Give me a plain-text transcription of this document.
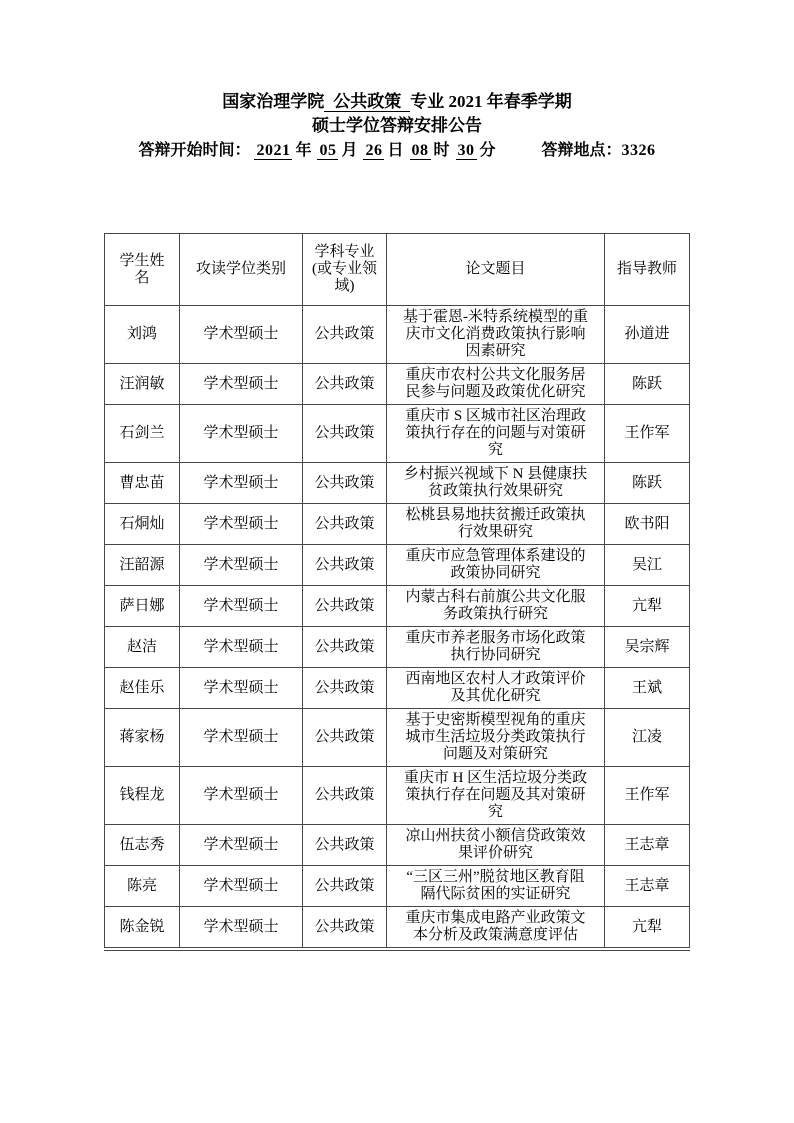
国家治理学院 公共政策 专业 2021 年春季学期
硕士学位答辩安排公告
答辩开始时间： 2021 年 05 月 26 日 08 时 30 分	答辩地点：3326
学生姓名	攻读学位类别	学科专业(或专业领域)	论文题目	指导教师
刘鸿	学术型硕士	公共政策	基于霍恩-米特系统模型的重庆市文化消费政策执行影响因素研究	孙道进
汪润敏	学术型硕士	公共政策	重庆市农村公共文化服务居民参与问题及政策优化研究	陈跃
石剑兰	学术型硕士	公共政策	重庆市 S 区城市社区治理政策执行存在的问题与对策研究	王作军
曹忠苗	学术型硕士	公共政策	乡村振兴视域下 N 县健康扶贫政策执行效果研究	陈跃
石烔灿	学术型硕士	公共政策	松桃县易地扶贫搬迁政策执行效果研究	欧书阳
汪韶源	学术型硕士	公共政策	重庆市应急管理体系建设的政策协同研究	吴江
萨日娜	学术型硕士	公共政策	内蒙古科右前旗公共文化服务政策执行研究	亢犁
赵洁	学术型硕士	公共政策	重庆市养老服务市场化政策执行协同研究	吴宗辉
赵佳乐	学术型硕士	公共政策	西南地区农村人才政策评价及其优化研究	王斌
蒋家杨	学术型硕士	公共政策	基于史密斯模型视角的重庆城市生活垃圾分类政策执行问题及对策研究	江凌
钱程龙	学术型硕士	公共政策	重庆市 H 区生活垃圾分类政策执行存在问题及其对策研究	王作军
伍志秀	学术型硕士	公共政策	凉山州扶贫小额信贷政策效果评价研究	王志章
陈亮	学术型硕士	公共政策	“三区三州”脱贫地区教育阻隔代际贫困的实证研究	王志章
陈金锐	学术型硕士	公共政策	重庆市集成电路产业政策文本分析及政策满意度评估	亢犁
